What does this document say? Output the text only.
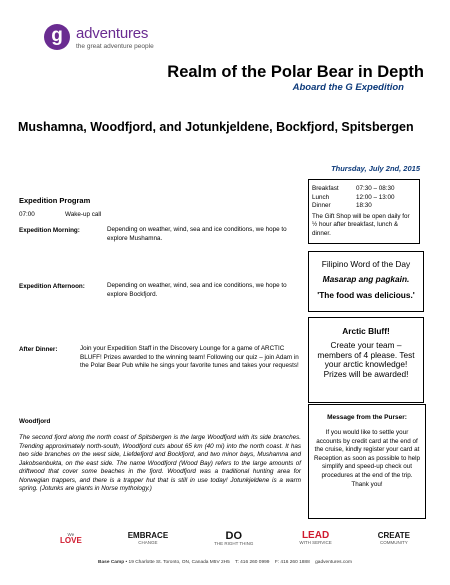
g adventures
the great adventure people
Realm of the Polar Bear in Depth
Aboard the G Expedition
Mushamna, Woodfjord, and Jotunkjeldene, Bockfjord, Spitsbergen
Thursday, July 2nd, 2015
Breakfast	07:30 – 08:30
Lunch	12:00 – 13:00
Dinner	18:30
The Gift Shop will be open daily for ½ hour after breakfast, lunch & dinner.
Expedition Program
07:00	Wake-up call
Expedition Morning:	Depending on weather, wind, sea and ice conditions, we hope to explore Mushamna.
Expedition Afternoon:	Depending on weather, wind, sea and ice conditions, we hope to explore Bockfjord.
Filipino Word of the Day
Masarap ang pagkain.
'The food was delicious.'
After Dinner:	Join your Expedition Staff in the Discovery Lounge for a game of ARCTIC BLUFF! Prizes awarded to the winning team! Following our quiz – join Adam in the Polar Bear Pub while he sings your favorite tunes and takes your requests!
Arctic Bluff!
Create your team – members of 4 please. Test your arctic knowledge! Prizes will be awarded!
Woodfjord
The second fjord along the north coast of Spitsbergen is the large Woodfjord with its side branches. Trending approximately north-south, Woodfjord cuts about 65 km (40 mi) into the north coast. It has two side branches on the west side, Liefdefjord and Bockfjord, and two minor bays, Mushamna and Jakobsenbukta, on the east side. The name Woodfjord (Wood Bay) refers to the large amounts of driftwood that cover some beaches in the fjord. Woodfjord was a traditional hunting area for Norwegian trappers, and there is a trapper hut that is still in use today! Jotunkjeldene is a warm spring. (Jotunks are giants in Norse mythology.)
Message from the Purser:
If you would like to settle your accounts by credit card at the end of the cruise, kindly register your card at Reception as soon as possible to help simplify and speed-up check out procedures at the end of the trip. Thank you!
We
LOVE
EMBRACE
CHANGE
DO
THE RIGHT THING
LEAD
WITH SERVICE
CREATE
COMMUNITY
Base Camp • 19 Charlotte St. Toronto, ON, Canada M5V 2H5 T: 416 260 0999 F: 416 260 1888 gadventures.com
